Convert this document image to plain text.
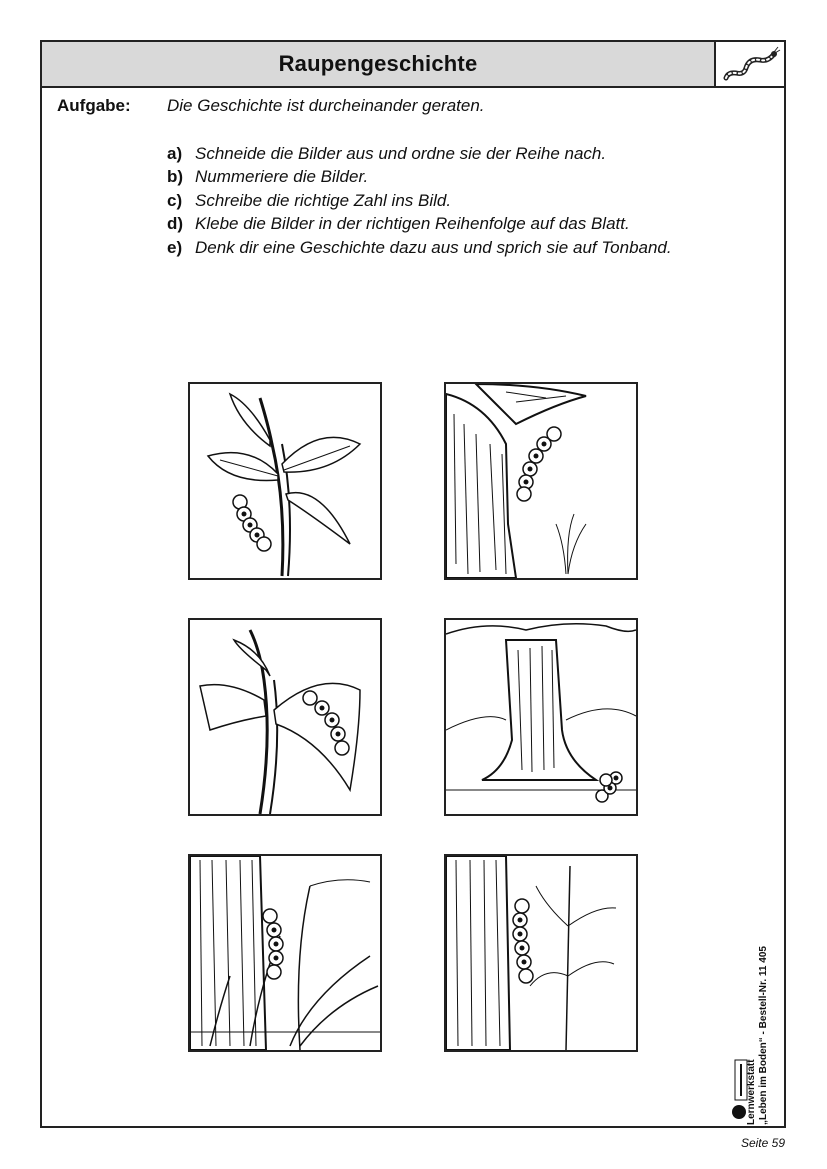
Raupengeschichte
Aufgabe:	Die Geschichte ist durcheinander geraten.
a) Schneide die Bilder aus und ordne sie der Reihe nach.
b) Nummeriere die Bilder.
c) Schreibe die richtige Zahl ins Bild.
d) Klebe die Bilder in der richtigen Reihenfolge auf das Blatt.
e) Denk dir eine Geschichte dazu aus und sprich sie auf Tonband.
Lernwerkstatt „Leben im Boden“ - Bestell-Nr. 11 405
Seite 59
